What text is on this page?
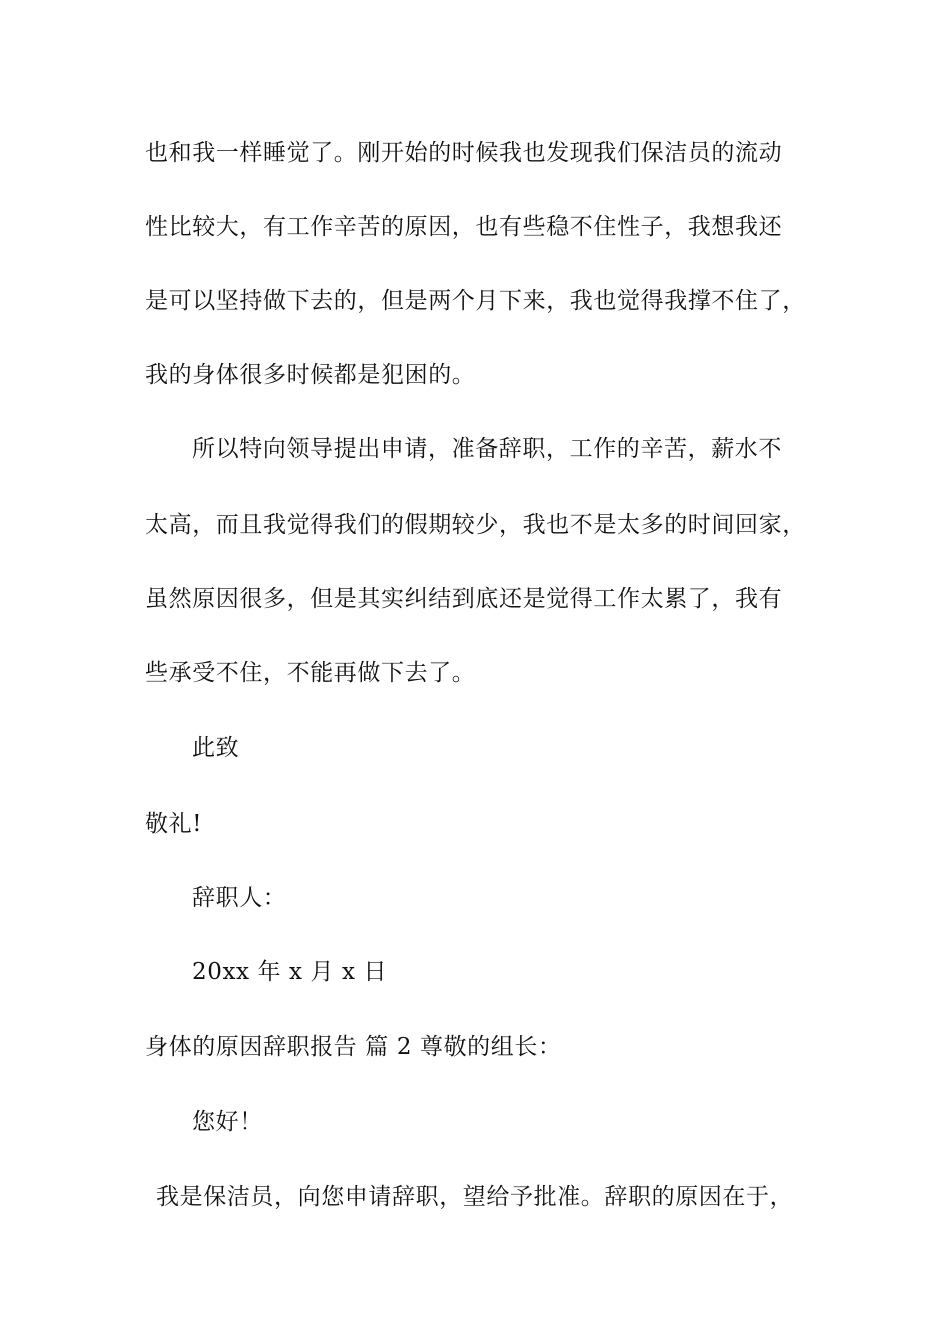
也和我一样睡觉了。刚开始的时候我也发现我们保洁员的流动
性比较大，有工作辛苦的原因，也有些稳不住性子，我想我还
是可以坚持做下去的，但是两个月下来，我也觉得我撑不住了，
我的身体很多时候都是犯困的。
所以特向领导提出申请，准备辞职，工作的辛苦，薪水不
太高，而且我觉得我们的假期较少，我也不是太多的时间回家，
虽然原因很多，但是其实纠结到底还是觉得工作太累了，我有
些承受不住，不能再做下去了。
此致
敬礼!
辞职人：
20xx 年 x 月 x 日
身体的原因辞职报告 篇 2 尊敬的组长：
您好！
我是保洁员，向您申请辞职，望给予批准。辞职的原因在于，
